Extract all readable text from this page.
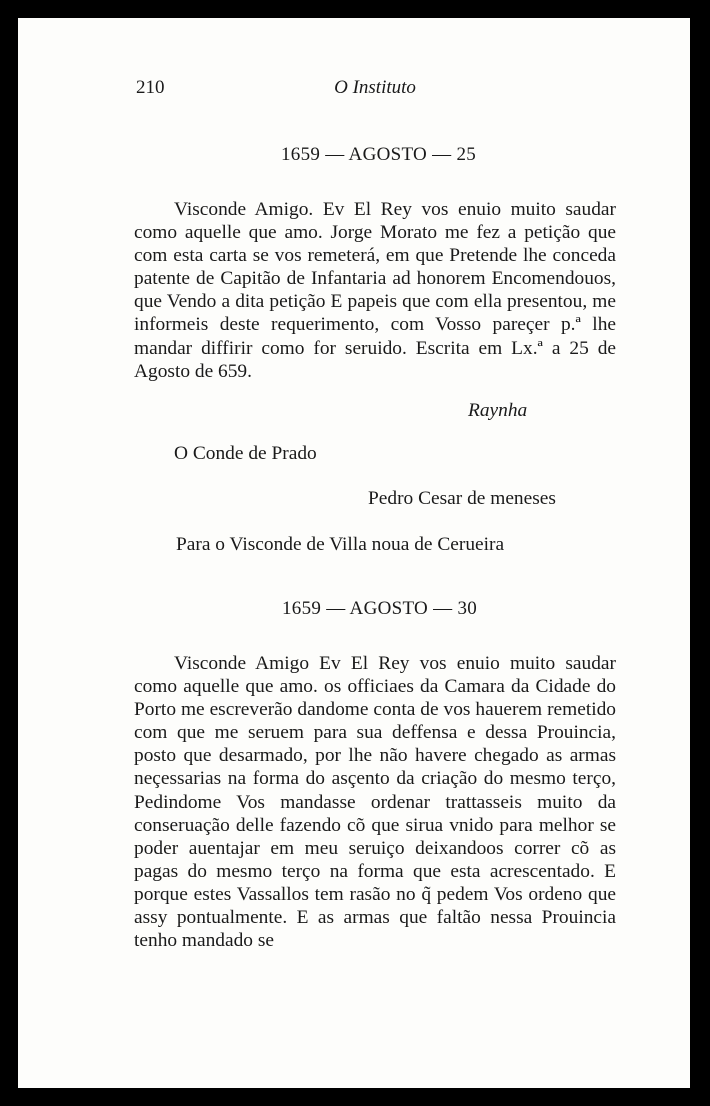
210	O Instituto
1659 — AGOSTO — 25

Visconde Amigo. Ev El Rey vos enuio muito saudar como aquelle que amo. Jorge Morato me fez a petição que com esta carta se vos remeterá, em que Pretende lhe conceda patente de Capitão de Infantaria ad honorem Encomendouos, que Vendo a dita petição E papeis que com ella presentou, me informeis deste requerimento, com Vosso pareçer p.ª lhe mandar diffirir como for seruido. Escrita em Lx.ª a 25 de Agosto de 659.

Raynha
O Conde de Prado
Pedro Cesar de meneses
Para o Visconde de Villa noua de Cerueira
1659 — AGOSTO — 30

Visconde Amigo Ev El Rey vos enuio muito saudar como aquelle que amo. os officiaes da Camara da Cidade do Porto me escreverão dandome conta de vos hauerem remetido com que me seruem para sua deffensa e dessa Prouincia, posto que desarmado, por lhe não havere chegado as armas neçessarias na forma do asçento da criação do mesmo terço, Pedindome Vos mandasse ordenar trattasseis muito da conseruação delle fazendo cõ que sirua vnido para melhor se poder auentajar em meu seruiço deixandoos correr cõ as pagas do mesmo terço na forma que esta acrescentado. E porque estes Vassallos tem rasão no q̃ pedem Vos ordeno que assy pontualmente. E as armas que faltão nessa Prouincia tenho mandado se
